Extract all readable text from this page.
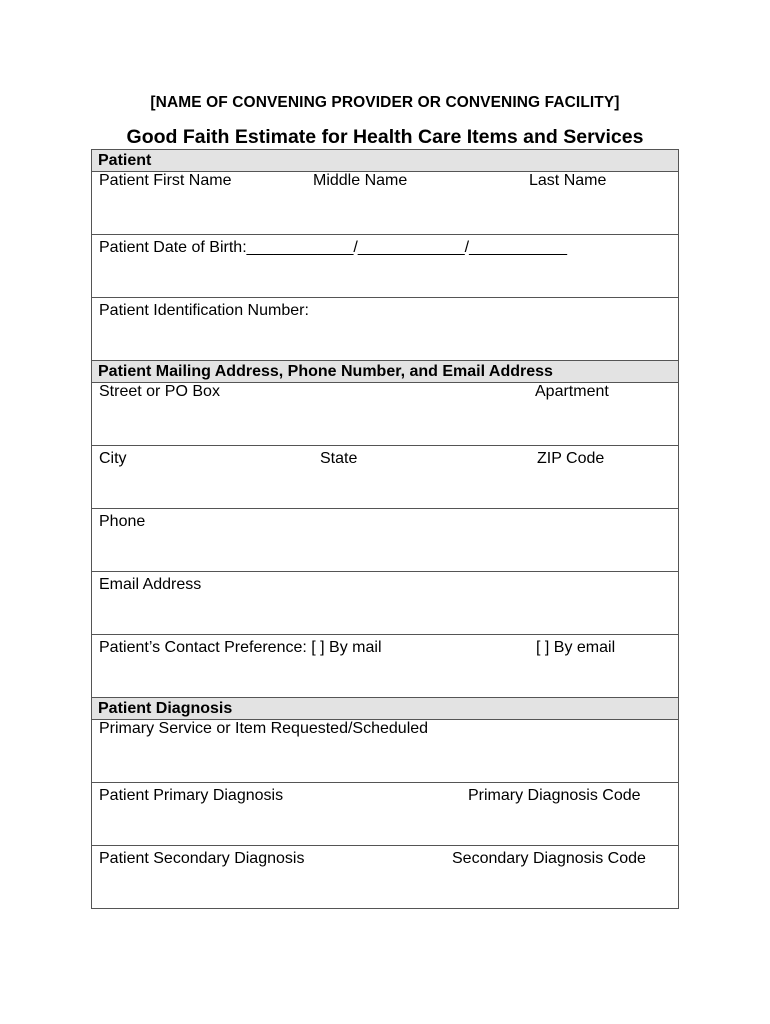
[NAME OF CONVENING PROVIDER OR CONVENING FACILITY]
Good Faith Estimate for Health Care Items and Services
Patient
Patient First Name	Middle Name	Last Name
Patient Date of Birth:____________/____________/___________
Patient Identification Number:
Patient Mailing Address, Phone Number, and Email Address
Street or PO Box	Apartment
City	State	ZIP Code
Phone
Email Address
Patient’s Contact Preference: [ ] By mail	[ ] By email
Patient Diagnosis
Primary Service or Item Requested/Scheduled
Patient Primary Diagnosis	Primary Diagnosis Code
Patient Secondary Diagnosis	Secondary Diagnosis Code
